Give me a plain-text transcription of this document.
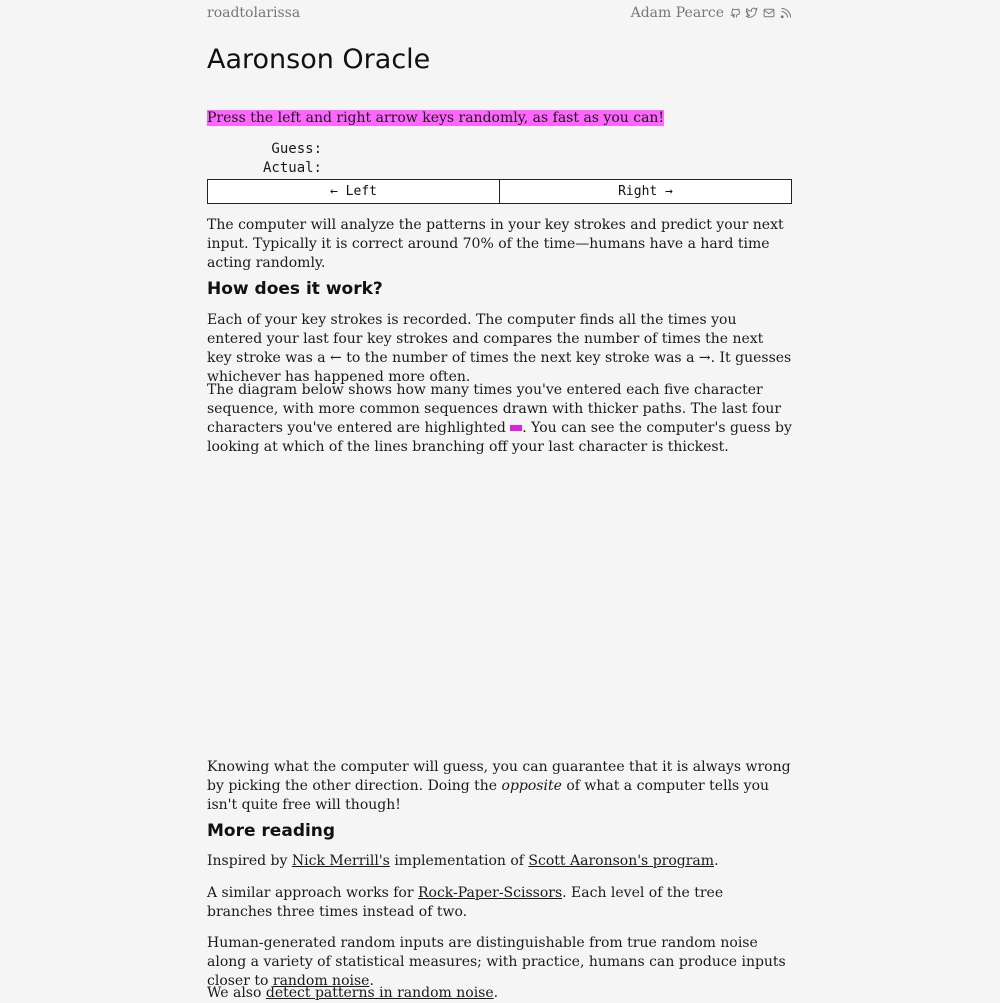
roadtolarissa	Adam Pearce
Aaronson Oracle
Press the left and right arrow keys randomly, as fast as you can!
Guess:
Actual:
← Left	Right →

The computer will analyze the patterns in your key strokes and predict your next input. Typically it is correct around 70% of the time—humans have a hard time acting randomly.

How does it work?

Each of your key strokes is recorded. The computer finds all the times you entered your last four key strokes and compares the number of times the next key stroke was a ← to the number of times the next key stroke was a →. It guesses whichever has happened more often.

The diagram below shows how many times you've entered each five character sequence, with more common sequences drawn with thicker paths. The last four characters you've entered are highlighted . You can see the computer's guess by looking at which of the lines branching off your last character is thickest.

Knowing what the computer will guess, you can guarantee that it is always wrong by picking the other direction. Doing the opposite of what a computer tells you isn't quite free will though!

More reading

Inspired by Nick Merrill's implementation of Scott Aaronson's program.

A similar approach works for Rock-Paper-Scissors. Each level of the tree branches three times instead of two.

Human-generated random inputs are distinguishable from true random noise along a variety of statistical measures; with practice, humans can produce inputs closer to random noise.

We also detect patterns in random noise.
